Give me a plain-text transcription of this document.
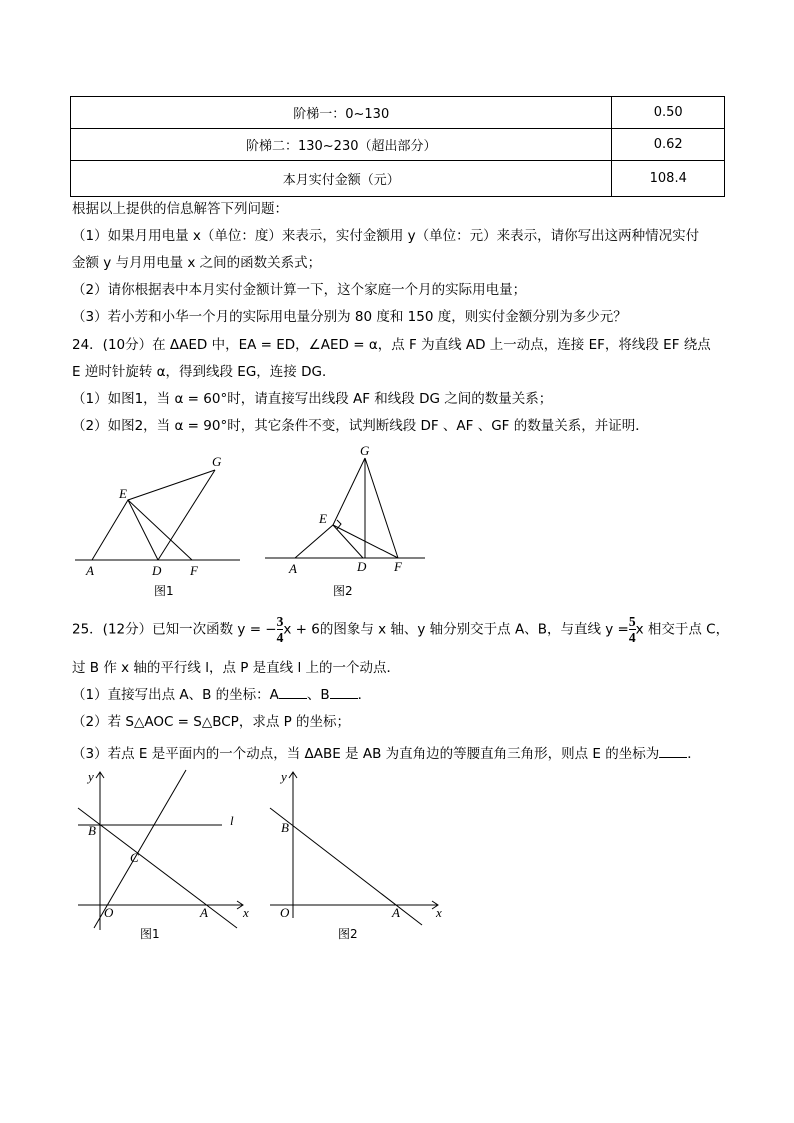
阶梯一：0~130	0.50
阶梯二：130~230（超出部分）	0.62
本月实付金额（元）	108.4
根据以上提供的信息解答下列问题：
（1）如果月用电量 x（单位：度）来表示，实付金额用 y（单位：元）来表示，请你写出这两种情况实付
金额 y 与月用电量 x 之间的函数关系式；
（2）请你根据表中本月实付金额计算一下，这个家庭一个月的实际用电量；
（3）若小芳和小华一个月的实际用电量分别为 80 度和 150 度，则实付金额分别为多少元？
24．(10分）在 ΔAED 中，EA = ED，∠AED = α，点 F 为直线 AD 上一动点，连接 EF，将线段 EF 绕点
E 逆时针旋转 α，得到线段 EG，连接 DG．
（1）如图1，当 α = 60°时，请直接写出线段 AF 和线段 DG 之间的数量关系；
（2）如图2，当 α = 90°时，其它条件不变，试判断线段 DF 、AF 、GF 的数量关系，并证明．
25．(12分）已知一次函数 y = − $\frac{3}{4}$ x + 6的图象与 x 轴、y 轴分别交于点 A、B，与直线 $y = \frac{5}{4}$ x 相交于点 C，
过 B 作 x 轴的平行线 l，点 P 是直线 l 上的一个动点．
（1）直接写出点 A、B 的坐标：A 、B ．
（2）若 S△AOC = S△BCP，求点 P 的坐标；
（3）若点 E 是平面内的一个动点，当 ΔABE 是 AB 为直角边的等腰直角三角形，则点 E 的坐标为 ．
A
E
D F
G
图1
A
E
D F
G
图2
y
x
O	A
B
C
l
图1
y
x
O	A
B
图2
